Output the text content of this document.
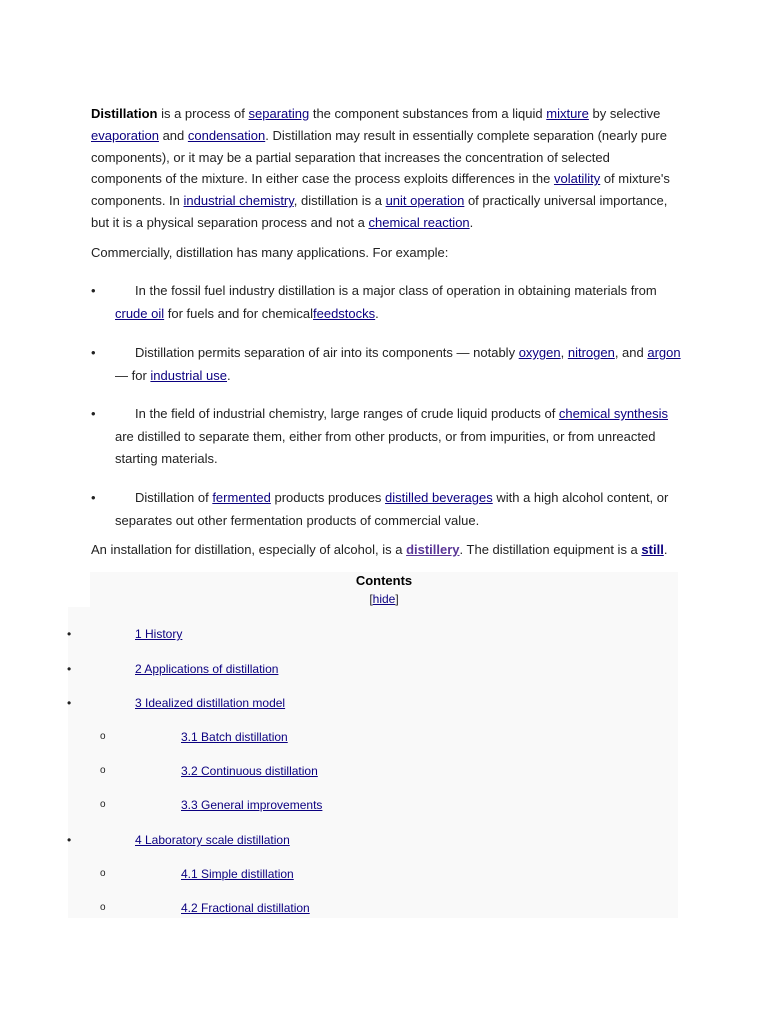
Distillation is a process of separating the component substances from a liquid mixture by selective evaporation and condensation. Distillation may result in essentially complete separation (nearly pure components), or it may be a partial separation that increases the concentration of selected components of the mixture. In either case the process exploits differences in the volatility of mixture's components. In industrial chemistry, distillation is a unit operation of practically universal importance, but it is a physical separation process and not a chemical reaction.

Commercially, distillation has many applications. For example:

•	In the fossil fuel industry distillation is a major class of operation in obtaining materials from crude oil for fuels and for chemicalfeedstocks.
•	Distillation permits separation of air into its components — notably oxygen, nitrogen, and argon — for industrial use.
•	In the field of industrial chemistry, large ranges of crude liquid products of chemical synthesis are distilled to separate them, either from other products, or from impurities, or from unreacted starting materials.
•	Distillation of fermented products produces distilled beverages with a high alcohol content, or separates out other fermentation products of commercial value.

An installation for distillation, especially of alcohol, is a distillery. The distillation equipment is a still.

Contents
[hide]
•	1 History
•	2 Applications of distillation
•	3 Idealized distillation model
o	3.1 Batch distillation
o	3.2 Continuous distillation
o	3.3 General improvements
•	4 Laboratory scale distillation
o	4.1 Simple distillation
o	4.2 Fractional distillation
